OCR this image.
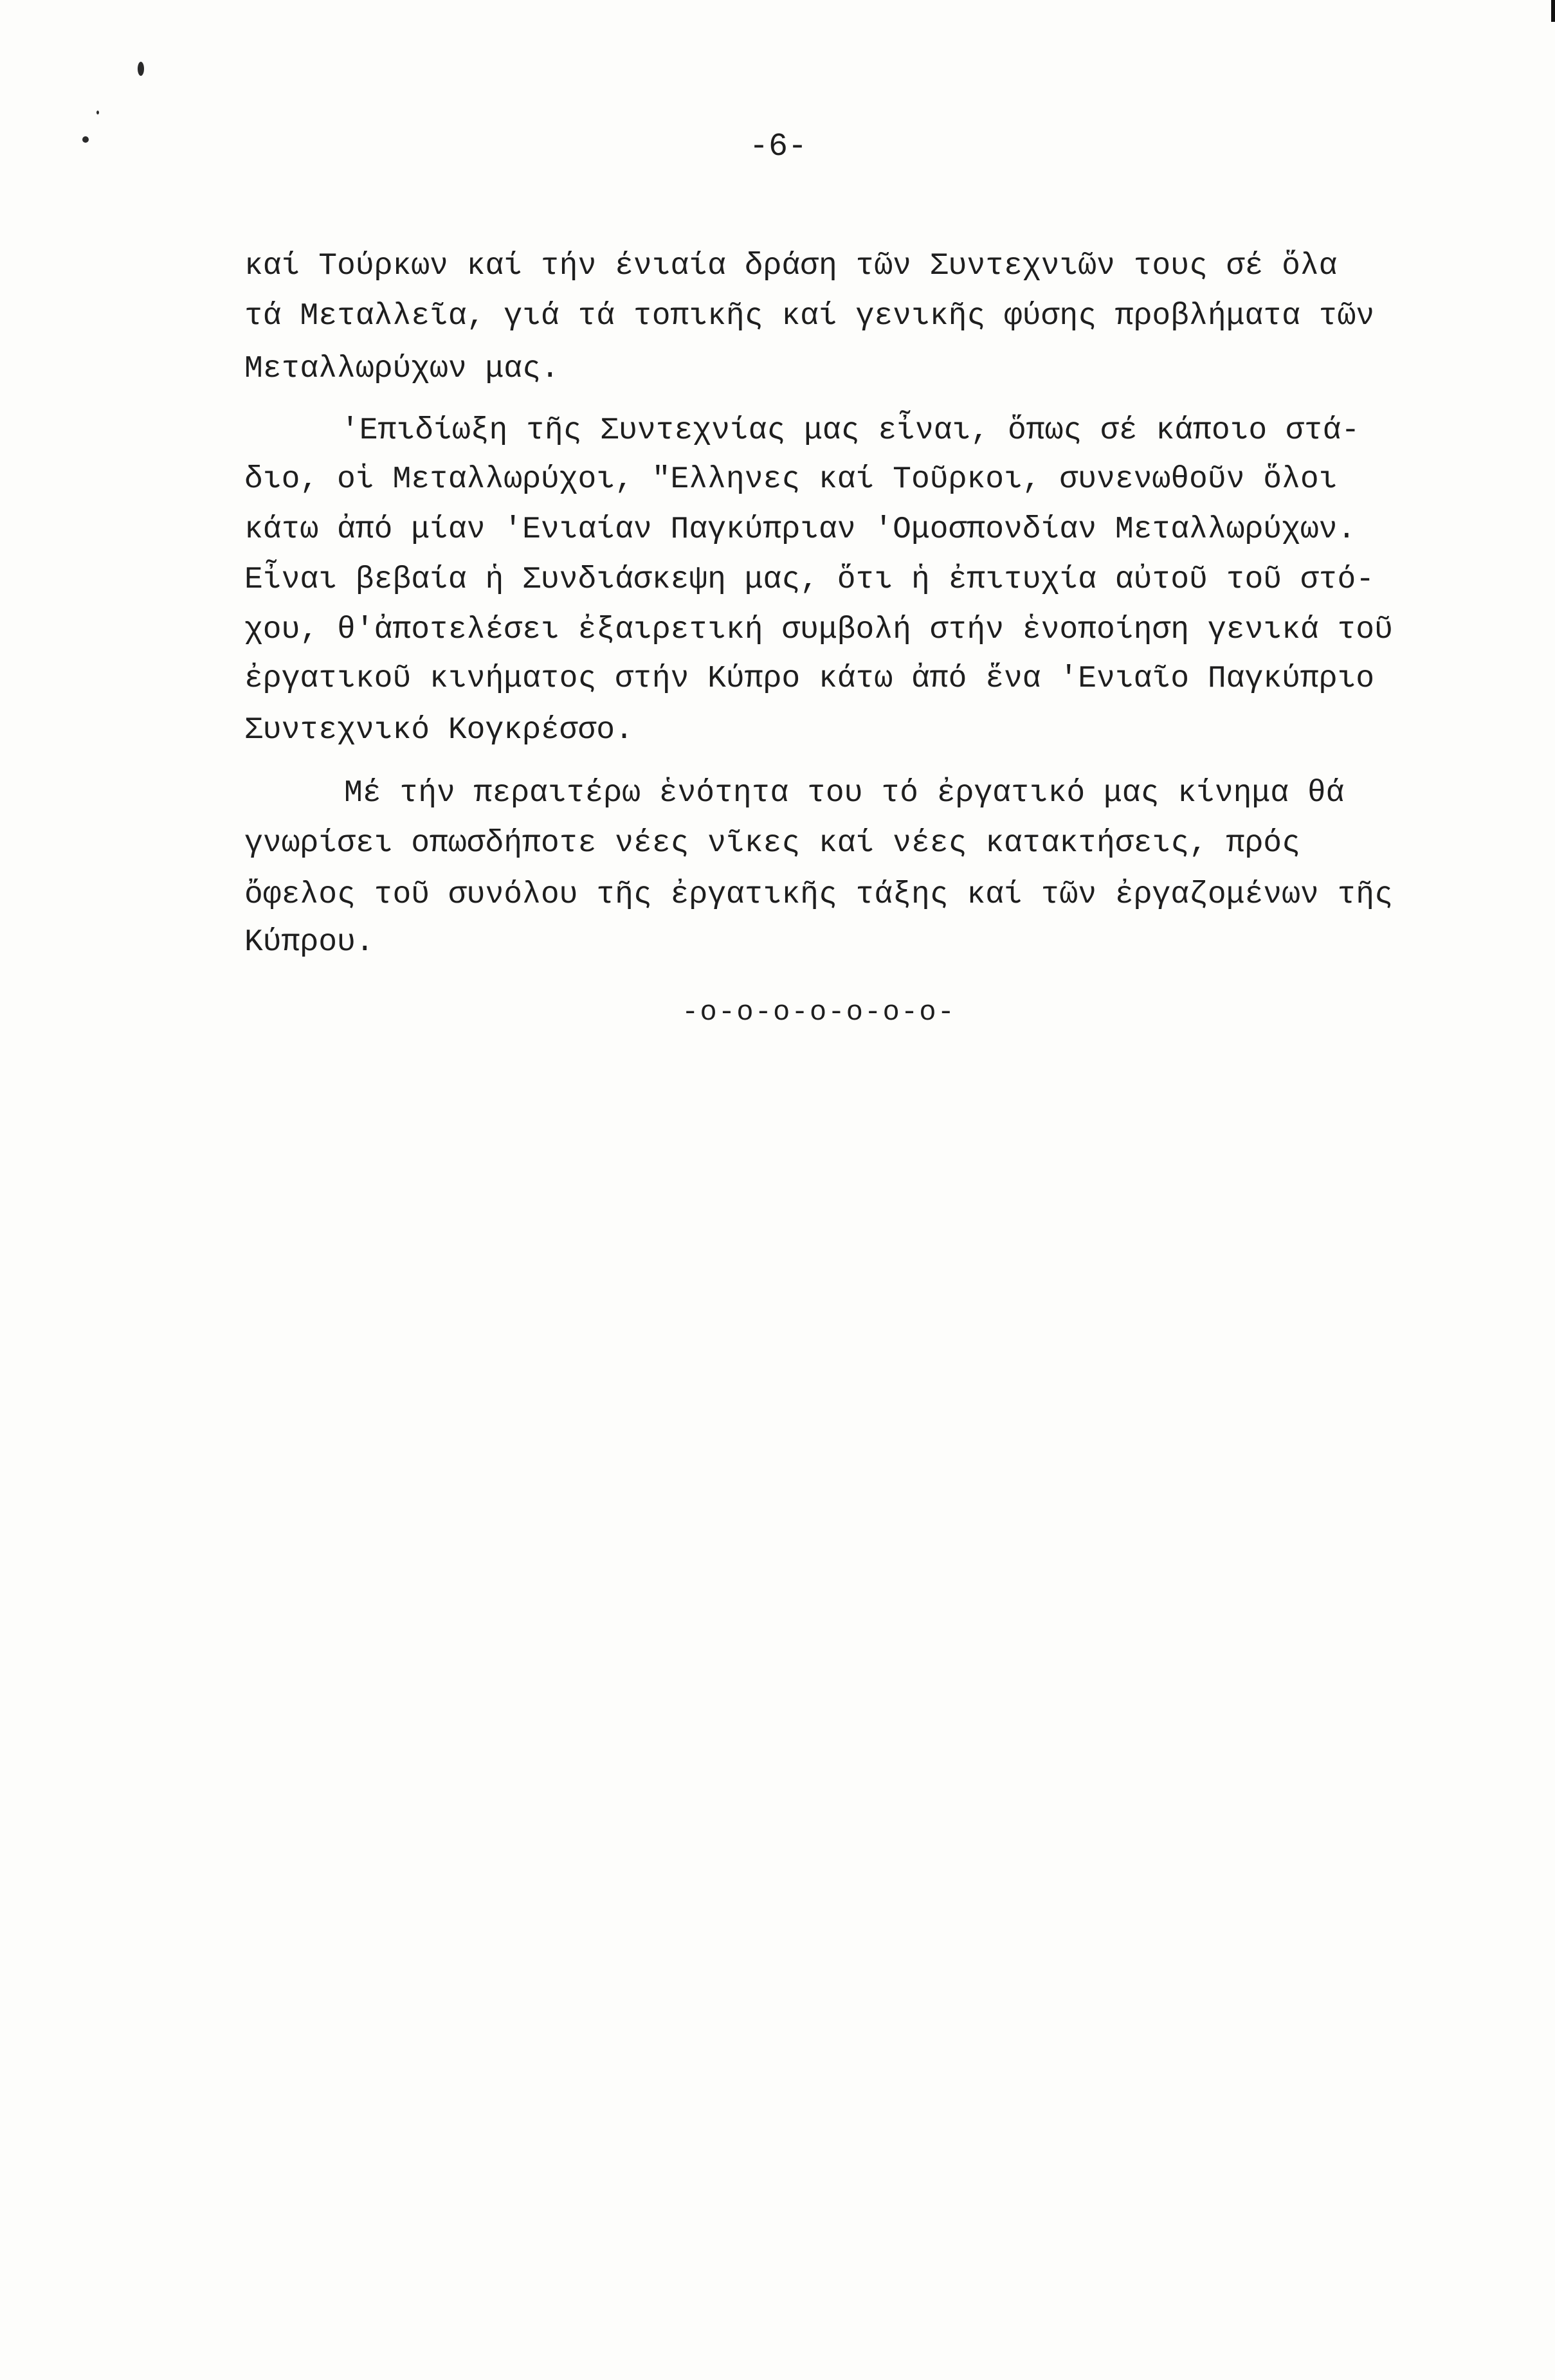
-6-
καί Τούρκων καί τήν ένιαία δράση τῶν Συντεχνιῶν τους σέ ὅλα
τά Μεταλλεῖα, γιά τά τοπικῆς καί γενικῆς φύσης προβλήματα τῶν
Μεταλλωρύχων μας.
'Επιδίωξη τῆς Συντεχνίας μας εἶναι, ὅπως σέ κάποιο στά-
διο, οἱ Μεταλλωρύχοι, "Ελληνες καί Τοῦρκοι, συνενωθοῦν ὅλοι
κάτω ἀπό μίαν 'Ενιαίαν Παγκύπριαν 'Ομοσπονδίαν Μεταλλωρύχων.
Εἶναι βεβαία ἡ Συνδιάσκεψη μας, ὅτι ἡ ἐπιτυχία αὐτοῦ τοῦ στό-
χου, θ'ἀποτελέσει ἐξαιρετική συμβολή στήν ἑνοποίηση γενικά τοῦ
ἐργατικοῦ κινήματος στήν Κύπρο κάτω ἀπό ἕνα 'Ενιαῖο Παγκύπριο
Συντεχνικό Κογκρέσσο.
Μέ τήν περαιτέρω ἑνότητα του τό ἐργατικό μας κίνημα θά
γνωρίσει οπωσδήποτε νέες νῖκες καί νέες κατακτήσεις, πρός
ὄφελος τοῦ συνόλου τῆς ἐργατικῆς τάξης καί τῶν ἐργαζομένων τῆς
Κύπρου.
-o-o-o-o-o-o-o-
